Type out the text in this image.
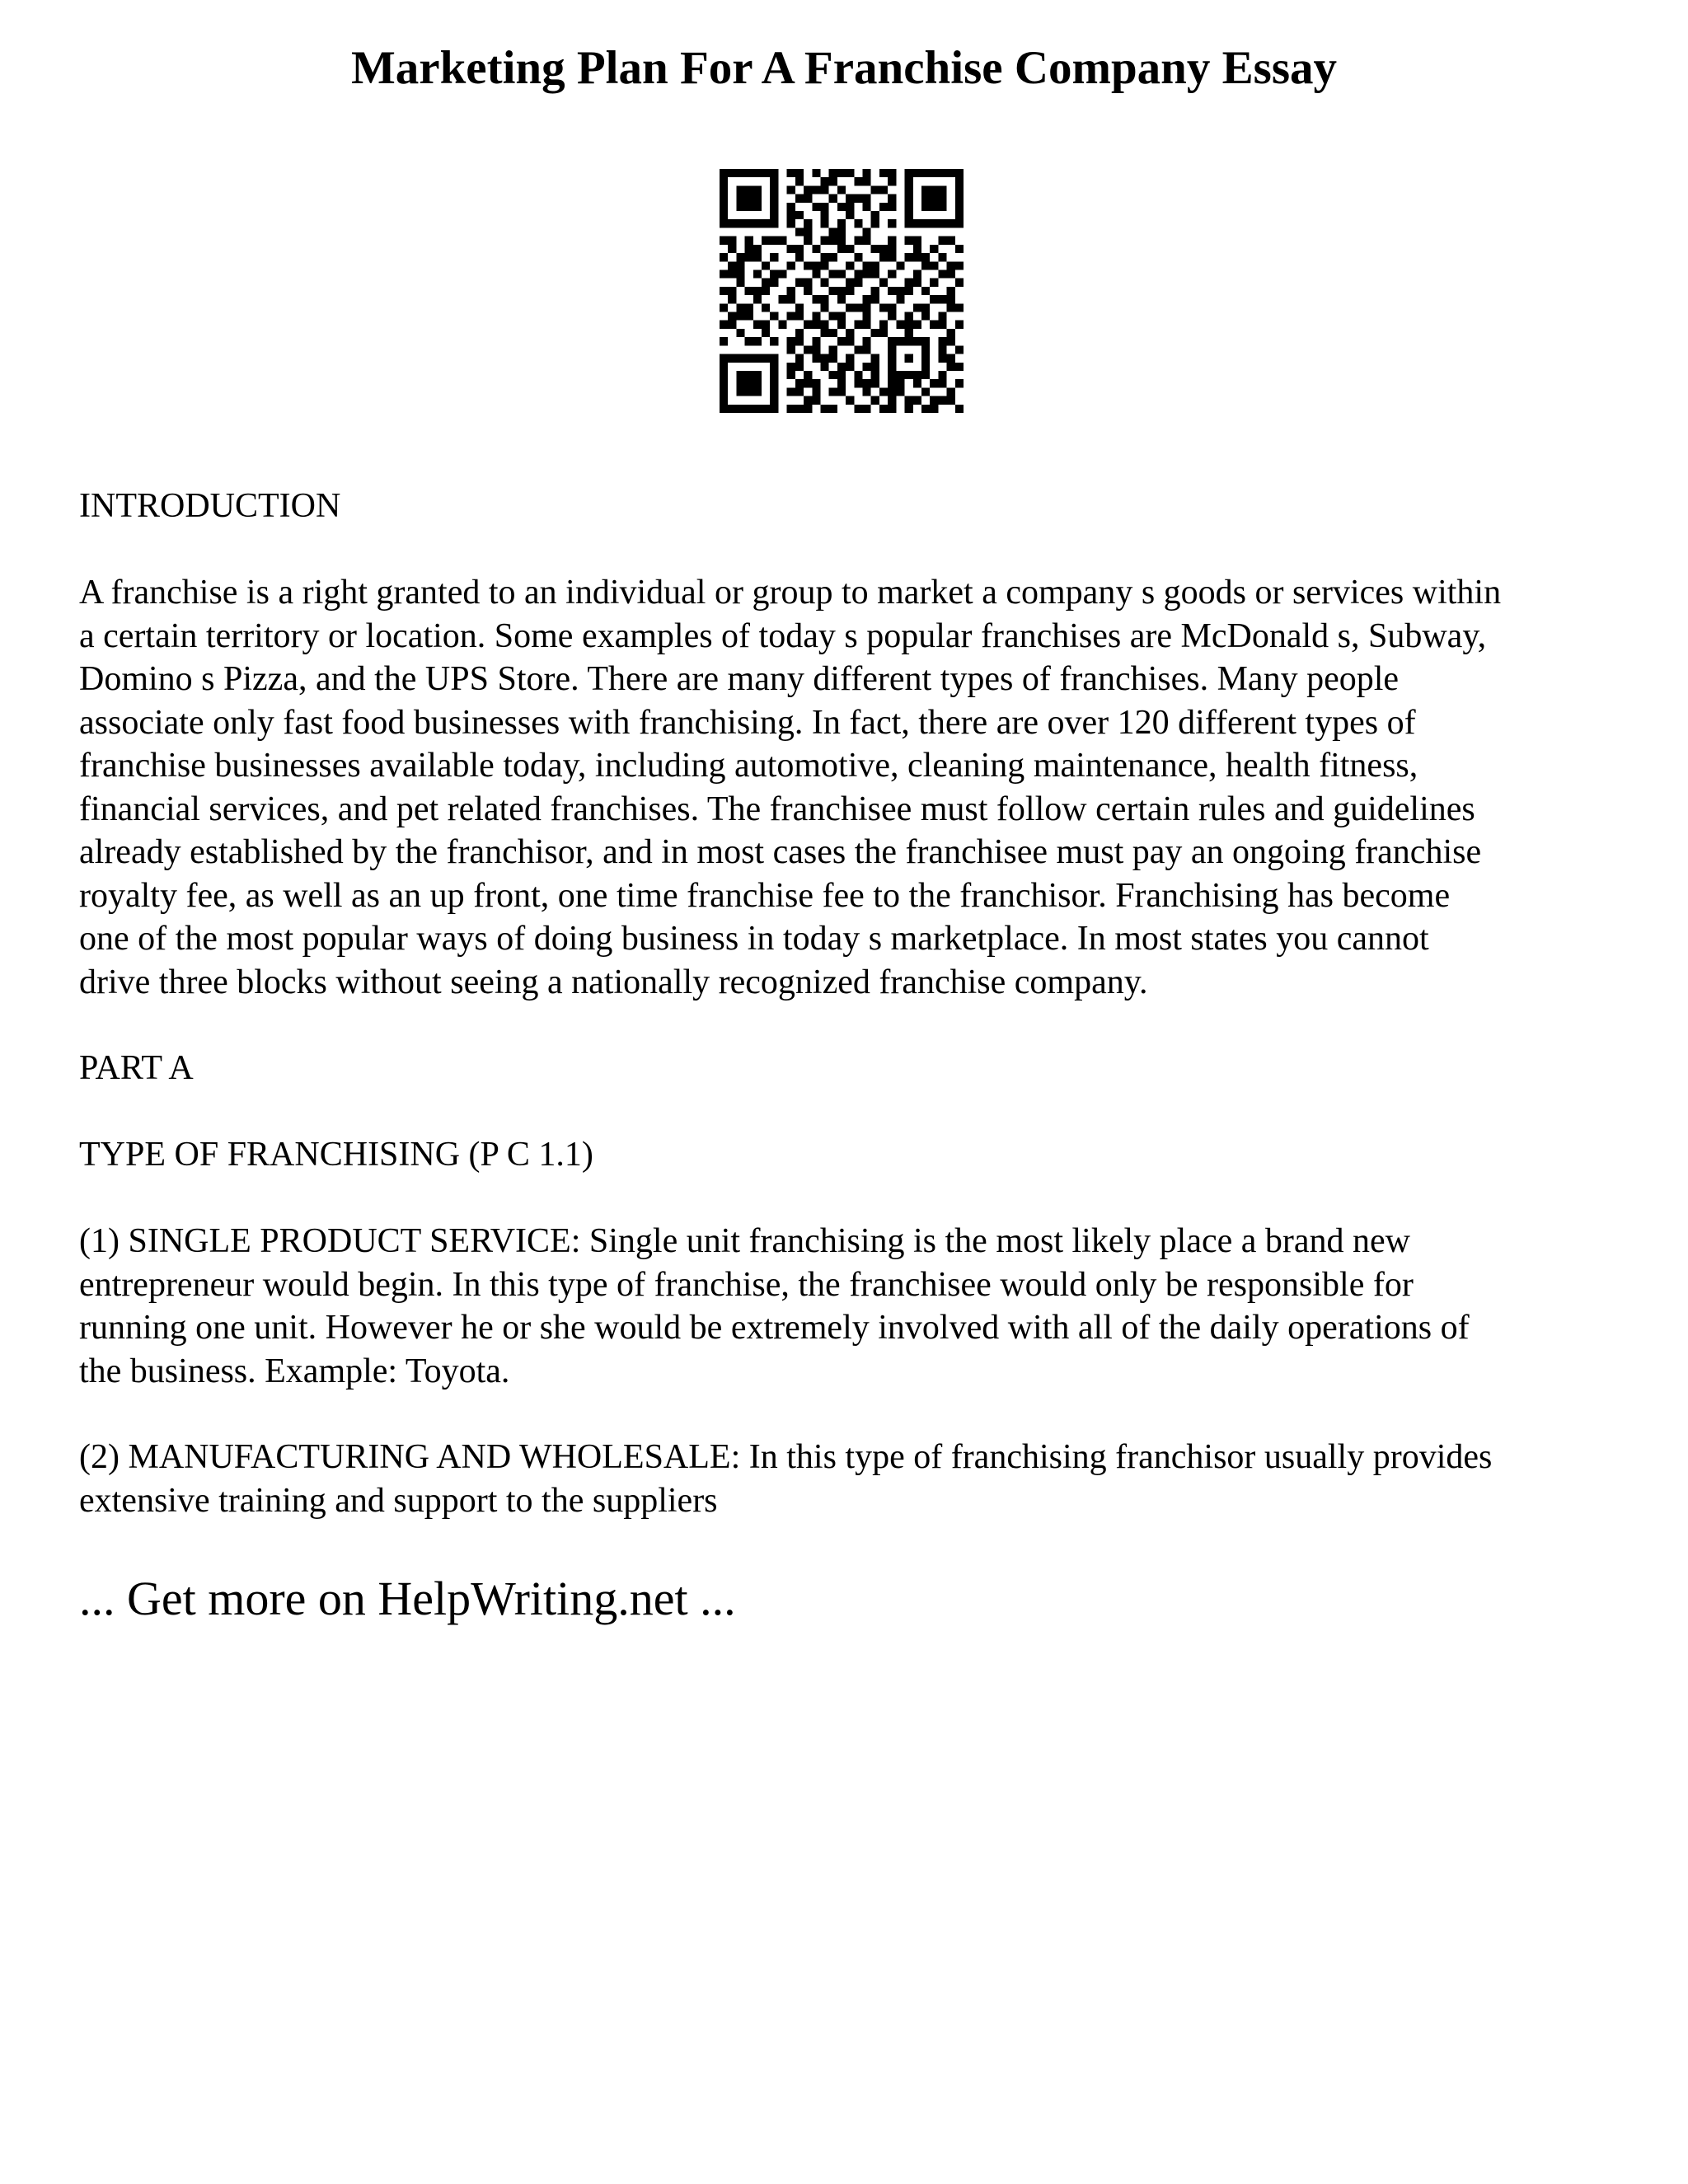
Marketing Plan For A Franchise Company Essay

INTRODUCTION

A franchise is a right granted to an individual or group to market a company s goods or services within
a certain territory or location. Some examples of today s popular franchises are McDonald s, Subway,
Domino s Pizza, and the UPS Store. There are many different types of franchises. Many people
associate only fast food businesses with franchising. In fact, there are over 120 different types of
franchise businesses available today, including automotive, cleaning maintenance, health fitness,
financial services, and pet related franchises. The franchisee must follow certain rules and guidelines
already established by the franchisor, and in most cases the franchisee must pay an ongoing franchise
royalty fee, as well as an up front, one time franchise fee to the franchisor. Franchising has become
one of the most popular ways of doing business in today s marketplace. In most states you cannot
drive three blocks without seeing a nationally recognized franchise company.

PART A

TYPE OF FRANCHISING (P C 1.1)

(1) SINGLE PRODUCT SERVICE: Single unit franchising is the most likely place a brand new
entrepreneur would begin. In this type of franchise, the franchisee would only be responsible for
running one unit. However he or she would be extremely involved with all of the daily operations of
the business. Example: Toyota.
(2) MANUFACTURING AND WHOLESALE: In this type of franchising franchisor usually provides
extensive training and support to the suppliers

... Get more on HelpWriting.net ...
